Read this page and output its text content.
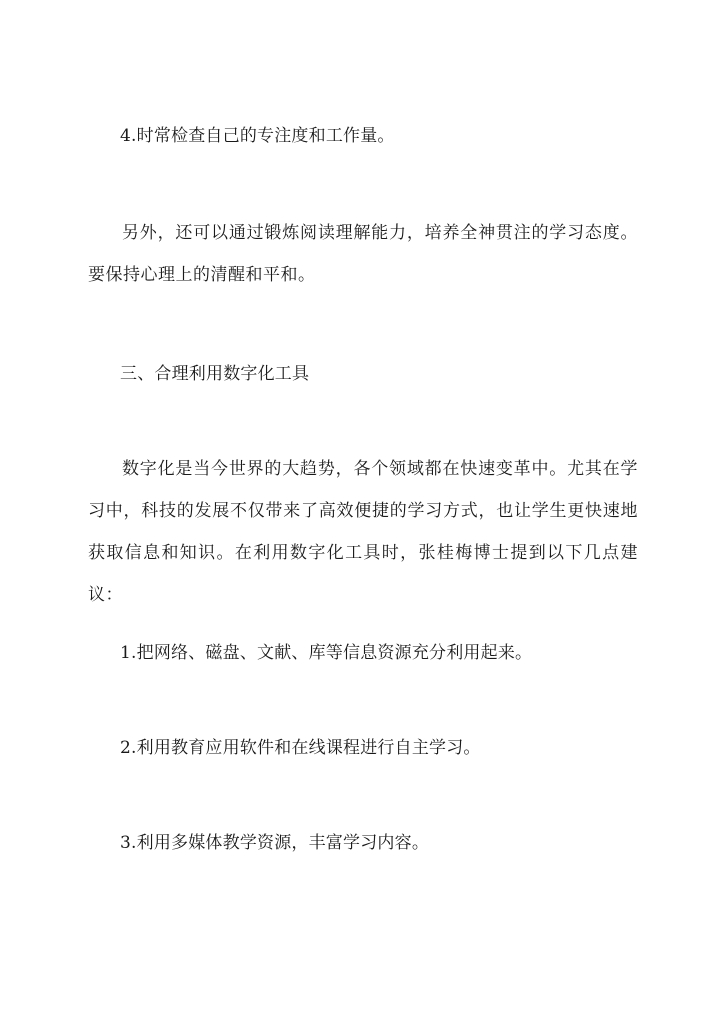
4.时常检查自己的专注度和工作量。

另外，还可以通过锻炼阅读理解能力，培养全神贯注的学习态度。要保持心理上的清醒和平和。

三、合理利用数字化工具

数字化是当今世界的大趋势，各个领域都在快速变革中。尤其在学习中，科技的发展不仅带来了高效便捷的学习方式，也让学生更快速地获取信息和知识。在利用数字化工具时，张桂梅博士提到以下几点建议：

1.把网络、磁盘、文献、库等信息资源充分利用起来。

2.利用教育应用软件和在线课程进行自主学习。

3.利用多媒体教学资源，丰富学习内容。
